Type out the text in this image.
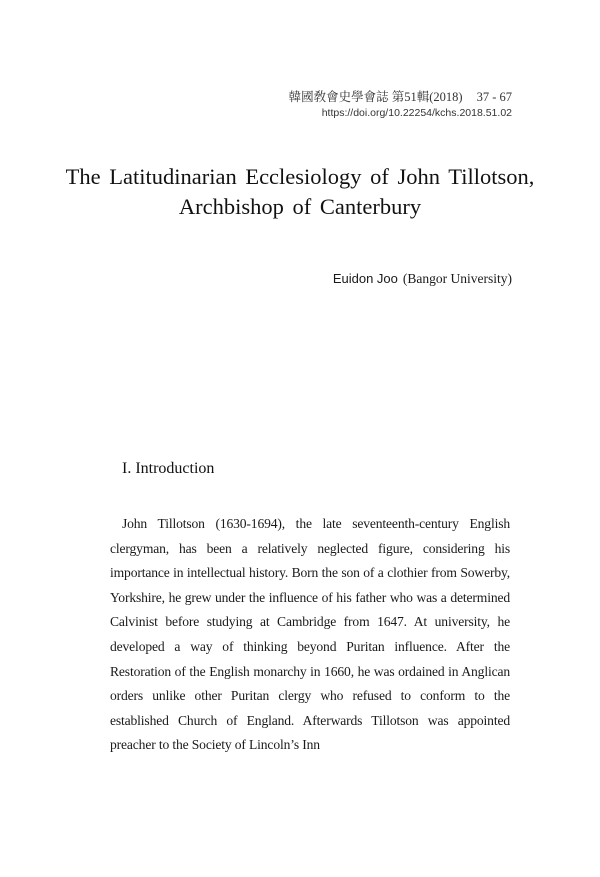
韓國敎會史學會誌 第51輯(2018) 37 - 67
https://doi.org/10.22254/kchs.2018.51.02
The Latitudinarian Ecclesiology of John Tillotson,
Archbishop of Canterbury
Euidon Joo (Bangor University)
I. Introduction

John Tillotson (1630-1694), the late seventeenth-century English clergyman, has been a relatively neglected figure, considering his importance in intellectual history. Born the son of a clothier from Sowerby, Yorkshire, he grew under the influence of his father who was a determined Calvinist before studying at Cambridge from 1647. At university, he developed a way of thinking beyond Puritan influence. After the Restoration of the English monarchy in 1660, he was ordained in Anglican orders unlike other Puritan clergy who refused to conform to the established Church of England. Afterwards Tillotson was appointed preacher to the Society of Lincoln’s Inn
